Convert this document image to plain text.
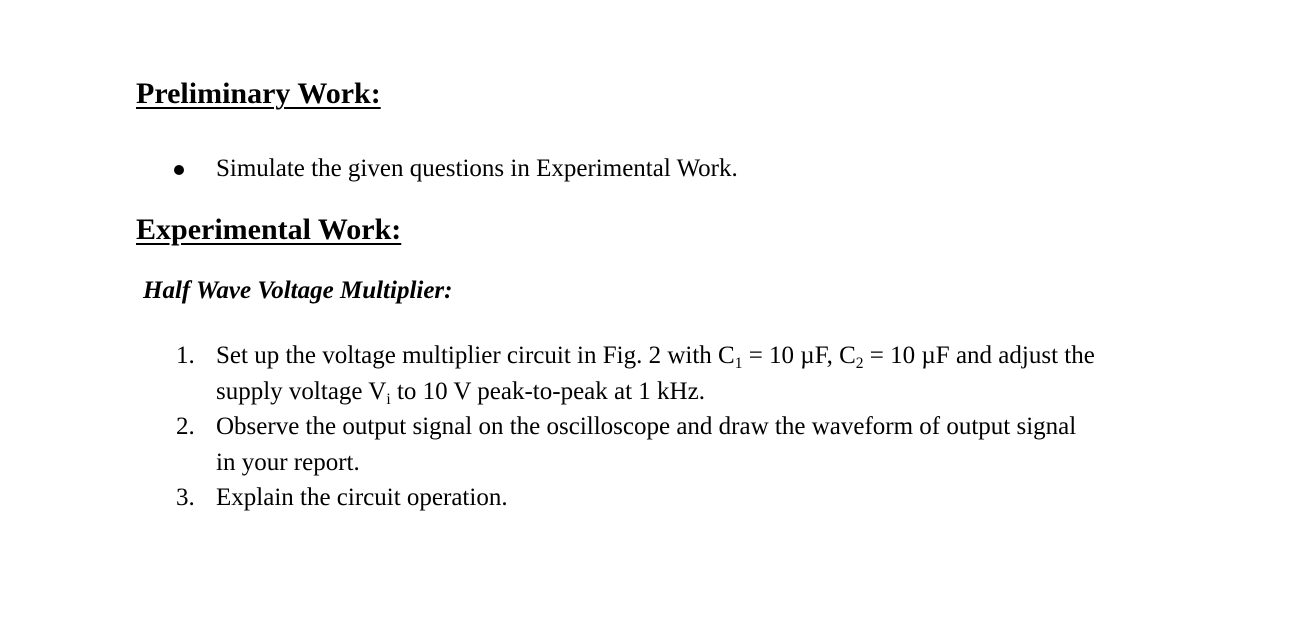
Preliminary Work:
Simulate the given questions in Experimental Work.
Experimental Work:
Half Wave Voltage Multiplier:
1. Set up the voltage multiplier circuit in Fig. 2 with $C_1 = 10$ µF, $C_2 = 10$ µF and adjust the
supply voltage $V_i$ to 10 V peak-to-peak at 1 kHz.
2. Observe the output signal on the oscilloscope and draw the waveform of output signal
in your report.
3. Explain the circuit operation.
